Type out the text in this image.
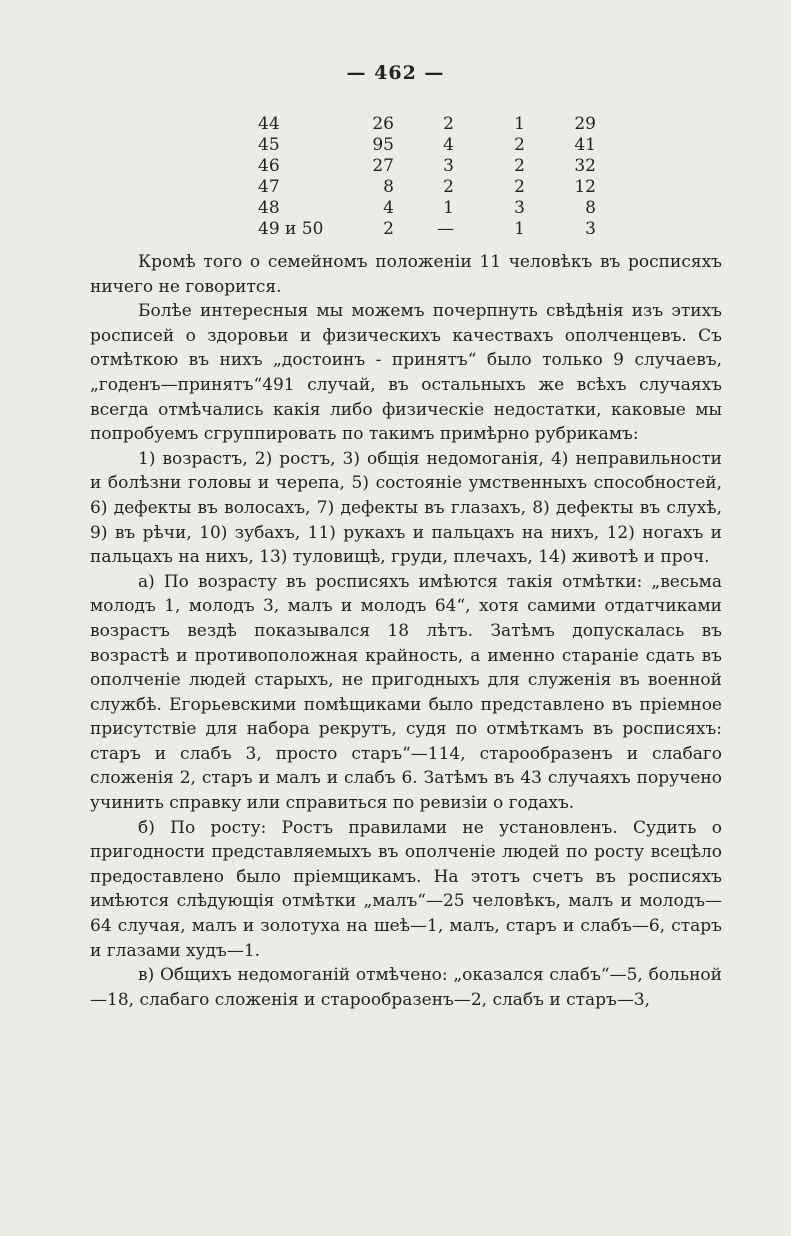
— 462 —
44	26	2	1	29
45	95	4	2	41
46	27	3	2	32
47	8	2	2	12
48	4	1	3	8
49 и 50	2	—	1	3

Кромѣ того о семейномъ положенiи 11 человѣкъ въ росписяхъ ничего не говорится.

Болѣе интересныя мы можемъ почерпнуть свѣдѣнія изъ этихъ росписей о здоровьи и физическихъ качествахъ ополченцевъ. Съ отмѣткою въ нихъ „достоинъ - принятъ“ было только 9 случаевъ, „годенъ—принятъ“491 случай, въ остальныхъ же всѣхъ случаяхъ всегда отмѣчались какія либо физическіе недостатки, каковые мы попробуемъ сгруппировать по такимъ примѣрно рубрикамъ:

1) возрастъ, 2) ростъ, 3) общія недомоганія, 4) неправильности и болѣзни головы и черепа, 5) состояніе умственныхъ способностей, 6) дефекты въ волосахъ, 7) дефекты въ глазахъ, 8) дефекты въ слухѣ, 9) въ рѣчи, 10) зубахъ, 11) рукахъ и пальцахъ на нихъ, 12) ногахъ и пальцахъ на нихъ, 13) туловищѣ, груди, плечахъ, 14) животѣ и проч.

а) По возрасту въ росписяхъ имѣются такія отмѣтки: „весьма молодъ 1, молодъ 3, малъ и молодъ 64“, хотя самими отдатчиками возрастъ вездѣ показывался 18 лѣтъ. Затѣмъ допускалась въ возрастѣ и противоположная крайность, а именно стараніе сдать въ ополченіе людей старыхъ, не пригодныхъ для служенія въ военной службѣ. Егорьевскими помѣщиками было представлено въ пріемное присутствіе для набора рекрутъ, судя по отмѣткамъ въ росписяхъ: старъ и слабъ 3, просто старъ“—114, старообразенъ и слабаго сложенія 2, старъ и малъ и слабъ 6. Затѣмъ въ 43 случаяхъ поручено учинить справку или справиться по ревизіи о годахъ.

б) По росту: Ростъ правилами не установленъ. Судить о пригодности представляемыхъ въ ополченіе людей по росту всецѣло предоставлено было пріемщикамъ. На этотъ счетъ въ росписяхъ имѣются слѣдующія отмѣтки „малъ“—25 человѣкъ, малъ и молодъ—64 случая, малъ и золотуха на шеѣ—1, малъ, старъ и слабъ—6, старъ и глазами худъ—1.

в) Общихъ недомоганій отмѣчено: „оказался слабъ“—5, больной—18, слабаго сложенія и старообразенъ—2, слабъ и старъ—3,
